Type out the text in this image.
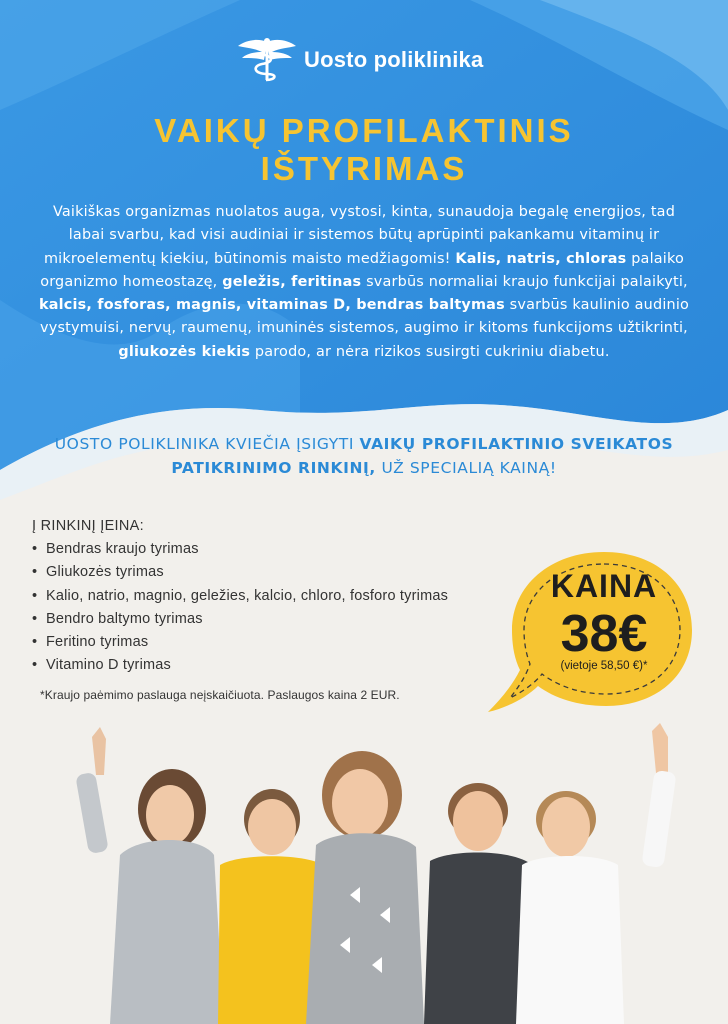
Uosto poliklinika
VAIKŲ PROFILAKTINIS
IŠTYRIMAS
Vaikiškas organizmas nuolatos auga, vystosi, kinta, sunaudoja begalę energijos, tad labai svarbu, kad visi audiniai ir sistemos būtų aprūpinti pakankamu vitaminų ir mikroelementų kiekiu, būtinomis maisto medžiagomis! Kalis, natris, chloras palaiko organizmo homeostazę, geležis, feritinas svarbūs normaliai kraujo funkcijai palaikyti, kalcis, fosforas, magnis, vitaminas D, bendras baltymas svarbūs kaulinio audinio vystymuisi, nervų, raumenų, imuninės sistemos, augimo ir kitoms funkcijoms užtikrinti, gliukozės kiekis parodo, ar nėra rizikos susirgti cukriniu diabetu.
UOSTO POLIKLINIKA KVIEČIA ĮSIGYTI VAIKŲ PROFILAKTINIO SVEIKATOS PATIKRINIMO RINKINĮ, UŽ SPECIALIĄ KAINĄ!
Į RINKINĮ ĮEINA:
• Bendras kraujo tyrimas
• Gliukozės tyrimas
• Kalio, natrio, magnio, geležies, kalcio, chloro, fosforo tyrimas
• Bendro baltymo tyrimas
• Feritino tyrimas
• Vitamino D tyrimas
*Kraujo paėmimo paslauga neįskaičiuota. Paslaugos kaina 2 EUR.
KAINA
38€
(vietoje 58,50 €)*
